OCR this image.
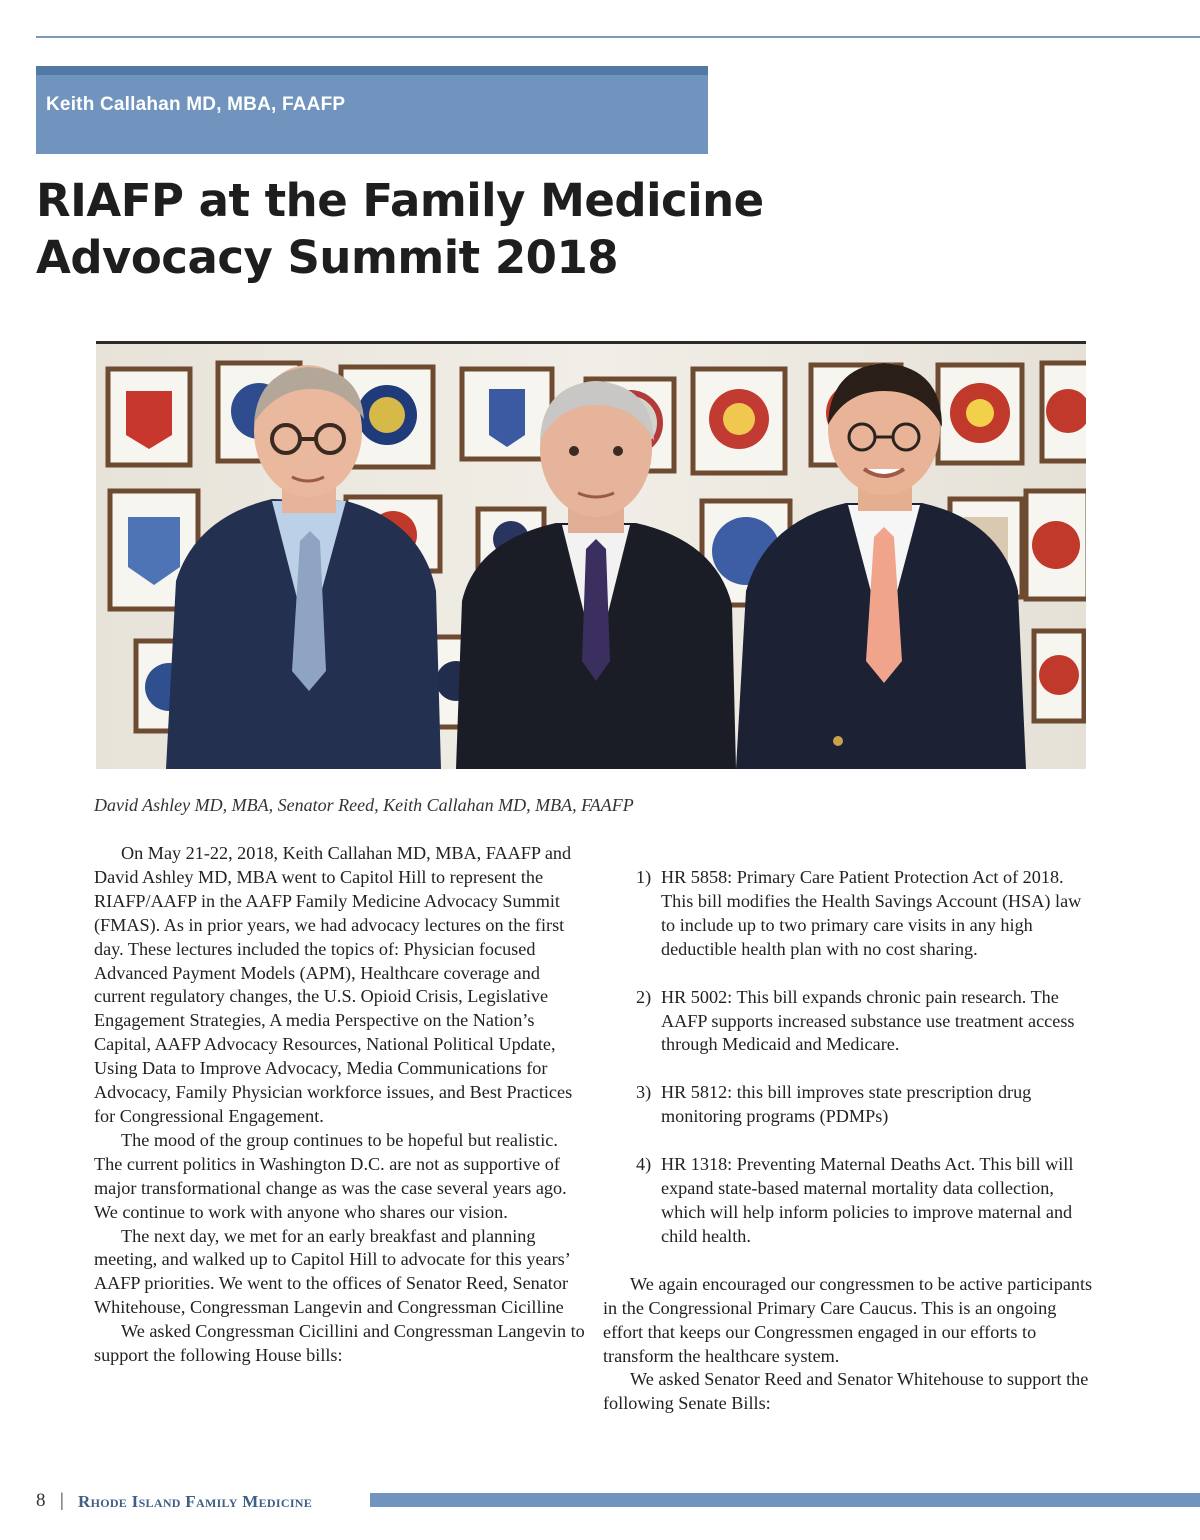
Keith Callahan MD, MBA, FAAFP
RIAFP at the Family Medicine
Advocacy Summit 2018
David Ashley MD, MBA, Senator Reed, Keith Callahan MD, MBA, FAAFP

On May 21-22, 2018, Keith Callahan MD, MBA, FAAFP and David Ashley MD, MBA went to Capitol Hill to represent the RIAFP/AAFP in the AAFP Family Medicine Advocacy Summit (FMAS). As in prior years, we had advocacy lectures on the first day. These lectures included the topics of: Physician focused Advanced Payment Models (APM), Healthcare coverage and current regulatory changes, the U.S. Opioid Crisis, Legislative Engagement Strategies, A media Perspective on the Nation’s Capital, AAFP Advocacy Resources, National Political Update, Using Data to Improve Advocacy, Media Communications for Advocacy, Family Physician workforce issues, and Best Practices for Congressional Engagement.

The mood of the group continues to be hopeful but realistic. The current politics in Washington D.C. are not as supportive of major transformational change as was the case several years ago. We continue to work with anyone who shares our vision.

The next day, we met for an early breakfast and planning meeting, and walked up to Capitol Hill to advocate for this years’ AAFP priorities. We went to the offices of Senator Reed, Senator Whitehouse, Congressman Langevin and Congressman Cicilline

We asked Congressman Cicillini and Congressman Langevin to support the following House bills:

1) HR 5858: Primary Care Patient Protection Act of 2018. This bill modifies the Health Savings Account (HSA) law to include up to two primary care visits in any high deductible health plan with no cost sharing.
2) HR 5002: This bill expands chronic pain research. The AAFP supports increased substance use treatment access through Medicaid and Medicare.
3) HR 5812: this bill improves state prescription drug monitoring programs (PDMPs)
4) HR 1318: Preventing Maternal Deaths Act. This bill will expand state-based maternal mortality data collection, which will help inform policies to improve maternal and child health.

We again encouraged our congressmen to be active participants in the Congressional Primary Care Caucus. This is an ongoing effort that keeps our Congressmen engaged in our efforts to transform the healthcare system.

We asked Senator Reed and Senator Whitehouse to support the following Senate Bills:

8 | Rhode Island Family Medicine
